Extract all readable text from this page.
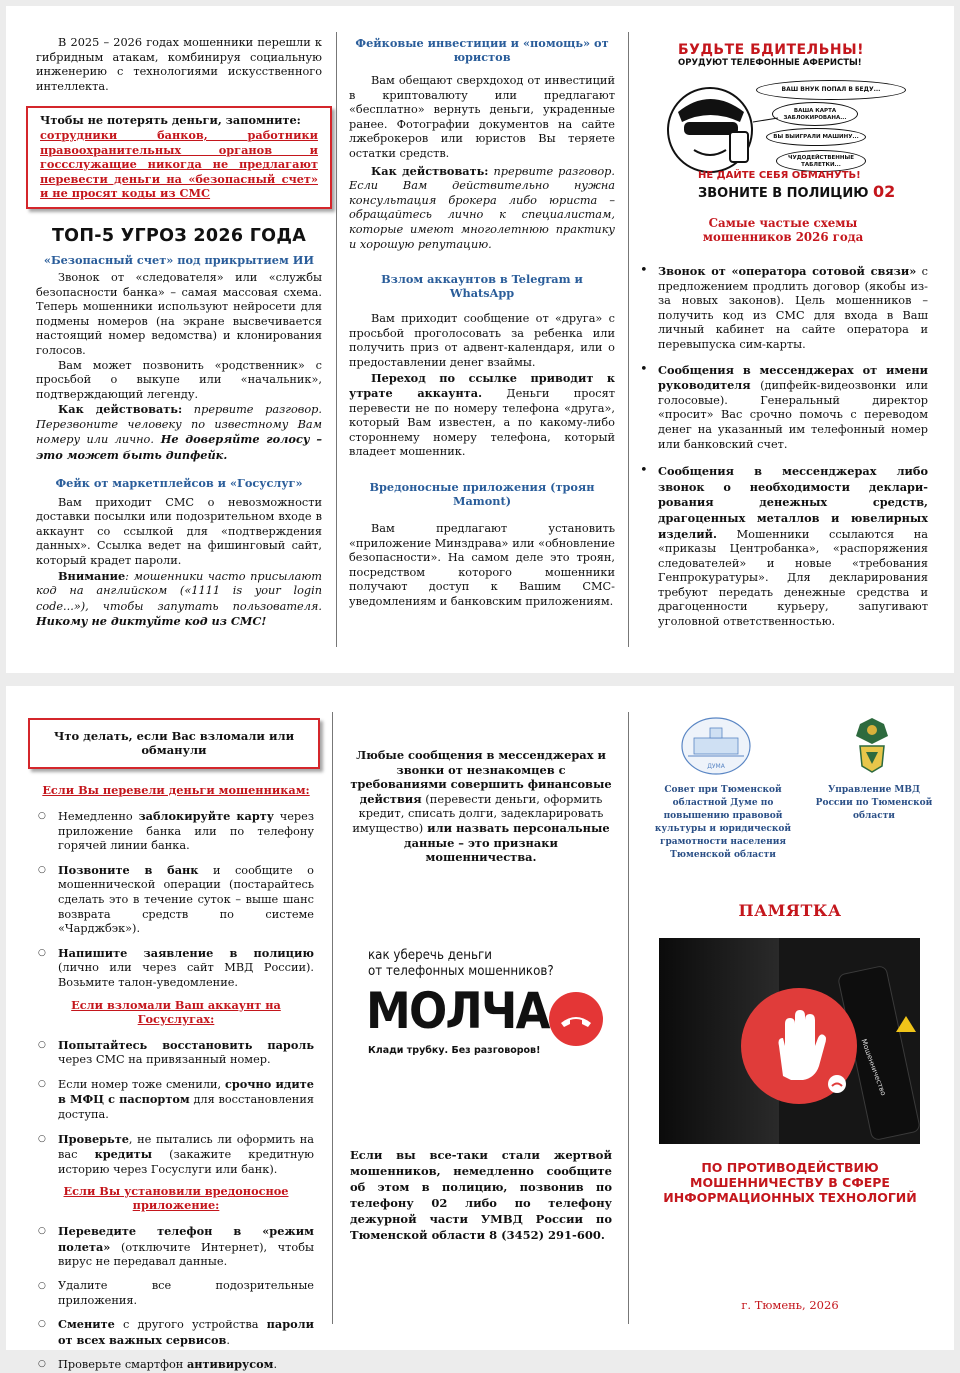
В 2025 – 2026 годах мошенники перешли к гибридным атакам, комбинируя социальную инженерию с технологиями искусственного интеллекта.

Чтобы не потерять деньги, запомните:

сотрудники банков, работники правоохранительных органов и госсслужащие никогда не предлагают перевести деньги на «безопасный счет» и не просят коды из СМС

ТОП-5 УГРОЗ 2026 ГОДА
«Безопасный счет» под прикрытием ИИ

Звонок от «следователя» или «службы безопасности банка» – самая массовая схема. Теперь мошенники используют нейросети для подмены номеров (на экране высвечивается настоящий номер ведомства) и клонирования голосов.

Вам может позвонить «родственник» с просьбой о выкупе или «начальник», подтверждающий легенду.

Как действовать: прервите разговор. Перезвоните человеку по известному Вам номеру или лично. Не доверяйте голосу – это может быть дипфейк.

Фейк от маркетплейсов и «Госуслуг»

Вам приходит СМС о невозможности доставки посылки или подозрительном входе в аккаунт со ссылкой для «подтверждения данных». Ссылка ведет на фишинговый сайт, который крадет пароли.

Внимание: мошенники часто присылают код на английском («1111 is your login code...»), чтобы запутать пользователя. Никому не диктуйте код из СМС!

Фейковые инвестиции и «помощь» от юристов

Вам обещают сверхдоход от инвестиций в криптовалюту или предлагают «бесплатно» вернуть деньги, украденные ранее. Фотографии документов на сайте лжеброкеров или юристов Вы теряете остатки средств.

Как действовать: прервите разговор. Если Вам действительно нужна консультация брокера либо юриста – обращайтесь лично к специалистам, которые имеют многолетнюю практику и хорошую репутацию.

Взлом аккаунтов в Telegram и WhatsApp

Вам приходит сообщение от «друга» с просьбой проголосовать за ребенка или получить приз от адвент-календаря, или о предоставлении денег взаймы.

Переход по ссылке приводит к утрате аккаунта. Деньги просят перевести не по номеру телефона «друга», который Вам известен, а по какому-либо стороннему номеру телефона, который владеет мошенник.

Вредоносные приложения (троян Mamont)

Вам предлагают установить «приложение Минздрава» или «обновление безопасности». На самом деле это троян, посредством которого мошенники получают доступ к Вашим СМС-уведомлениям и банковским приложениям.

БУДЬТЕ БДИТЕЛЬНЫ!
ОРУДУЮТ ТЕЛЕФОННЫЕ АФЕРИСТЫ!
ВАШ ВНУК ПОПАЛ В БЕДУ...
ВАША КАРТА ЗАБЛОКИРОВАНА...
ВЫ ВЫИГРАЛИ МАШИНУ...
ЧУДОДЕЙСТВЕННЫЕ ТАБЛЕТКИ...
НЕ ДАЙТЕ СЕБЯ ОБМАНУТЬ!
ЗВОНИТЕ В ПОЛИЦИЮ 02
Самые частые схемы мошенников 2026 года
• Звонок от «оператора сотовой связи» с предложением продлить договор (якобы из-за новых законов). Цель мошенников – получить код из СМС для входа в Ваш личный кабинет на сайте оператора и перевыпуска сим-карты.
• Сообщения в мессенджерах от имени руководителя (дипфейк-видеозвонки или голосовые). Генеральный директор «просит» Вас срочно помочь с переводом денег на указанный им телефонный номер или банковский счет.
• Сообщения в мессенджерах либо звонок о необходимости деклари-рования денежных средств, драгоценных металлов и ювелирных изделий. Мошенники ссылаются на «приказы Центробанка», «распоряжения следователей» и новые «требования Генпрокуратуры». Для декларирования требуют передать денежные средства и драгоценности курьеру, запугивают уголовной ответственностью.
Что делать, если Вас взломали или обманули
Если Вы перевели деньги мошенникам:
○ Немедленно заблокируйте карту через приложение банка или по телефону горячей линии банка.
○ Позвоните в банк и сообщите о мошеннической операции (постарайтесь сделать это в течение суток – выше шанс возврата средств по системе «Чарджбэк»).
○ Напишите заявление в полицию (лично или через сайт МВД России). Возьмите талон-уведомление.
Если взломали Ваш аккаунт на Госуслугах:
○ Попытайтесь восстановить пароль через СМС на привязанный номер.
○ Если номер тоже сменили, срочно идите в МФЦ с паспортом для восстановления доступа.
○ Проверьте, не пытались ли оформить на вас кредиты (закажите кредитную историю через Госуслуги или банк).
Если Вы установили вредоносное приложение:
○ Переведите телефон в «режим полета» (отключите Интернет), чтобы вирус не передавал данные.
○ Удалите все подозрительные приложения.
○ Смените с другого устройства пароли от всех важных сервисов.
○ Проверьте смартфон антивирусом.

Любые сообщения в мессенджерах и звонки от незнакомцев с требованиями совершить финансовые действия (перевести деньги, оформить кредит, списать долги, задекларировать имущество) или назвать персональные данные – это признаки мошенничества.

как уберечь деньги
от телефонных мошенников?
МОЛЧА
Клади трубку. Без разговоров!

Если вы все-таки стали жертвой мошенников, немедленно сообщите об этом в полицию, позвонив по телефону 02 либо по телефону дежурной части УМВД России по Тюменской области 8 (3452) 291-600.

ДУМА
Совет при Тюменской областной Думе по повышению правовой культуры и юридической грамотности населения Тюменской области
Управление МВД России по Тюменской области
ПАМЯТКА
Мошенничество
ПО ПРОТИВОДЕЙСТВИЮ МОШЕННИЧЕСТВУ В СФЕРЕ ИНФОРМАЦИОННЫХ ТЕХНОЛОГИЙ
г. Тюмень, 2026
